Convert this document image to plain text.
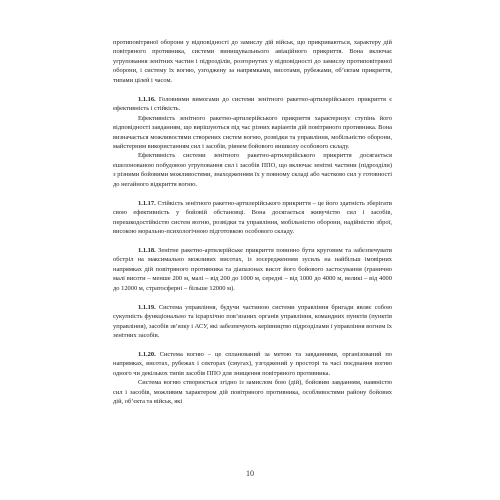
протиповітряної оборони у відповідності до замислу дій військ, що прикриваються, характеру дій повітряного противника, системи винищувальнього авіаційного прикриття. Вона включає угруповання зенітних частин і підрозділів, розгорнутих у відповідності до замислу протиповітряної оборони, і систему їх вогню, узгоджену за напрямками, висотами, рубежами, об’єктам прикриття, типами цілей і часом.

1.1.16. Головними вимогами до системи зенітного ракетно-артилерійського прикриття є ефективність і стійкість.

Ефективність зенітного ракетно-артилерійського прикриття характеризує ступінь його відповідності завданням, що вирішуються під час різних варіантів дій повітряного противника. Вона визначається можливостями створених систем вогню, розвідки та управління, мобільністю оборони, майстерним використанням сил і засобів, рівнем бойового вишколу особового складу.

Ефективність системи зенітного ракетно-артилерійського прикриття досягається ешелонованою побудовою угруповання сил і засобів ППО, що включає зенітні частини (підрозділи) з різними бойовими можливостями, знаходженням їх у повному складі або частково сил у готовності до негайного відкриття вогню.

1.1.17. Стійкість зенітного ракетно-артилерійського прикриття – це його здатність зберігати свою ефективність у бойовій обстановці. Вона досягається живучістю сил і засобів, перешкодостійкістю систем вогню, розвідки та управління, мобільністю оборони, надійністю зброї, високою морально-психологічною підготовкою особового складу.

1.1.18. Зенітне ракетно-артилерійське прикриття повинно бути круговим та забезпечувати обстріл на максимально можливих висотах, із зосередженням зусиль на найбільш імовірних напрямках дій повітряного противника та діапазонах висот його бойового застосування (гранично малі висоти – менше 200 м, малі – від 200 до 1000 м, середні – від 1000 до 4000 м, великі – від 4000 до 12000 м, стратосферні – більше 12000 м).

1.1.19. Система управління, будучи частиною системи управління бригади являє собою сукупність функціонально та ієрархічно пов’язаних органів управління, командних пунктів (пунктів управління), засобів зв’язку і АСУ, які забезпечують керівництво підрозділами і управління вогнем їх зенітних засобів.

1.1.20. Система вогню – це спланований за метою та завданнями, організований по напрямках, висотах, рубежах і секторах (смугах), узгоджений у просторі та часі поєднання вогню одного чи декількох типів засобів ППО для знищення повітряного противника.

Система вогню створюється згідно із замислом бою (дій), бойовим завданням, наявністю сил і засобів, можливим характером дій повітряного противника, особливостями району бойових дій, об’єкта та військ, які

10
